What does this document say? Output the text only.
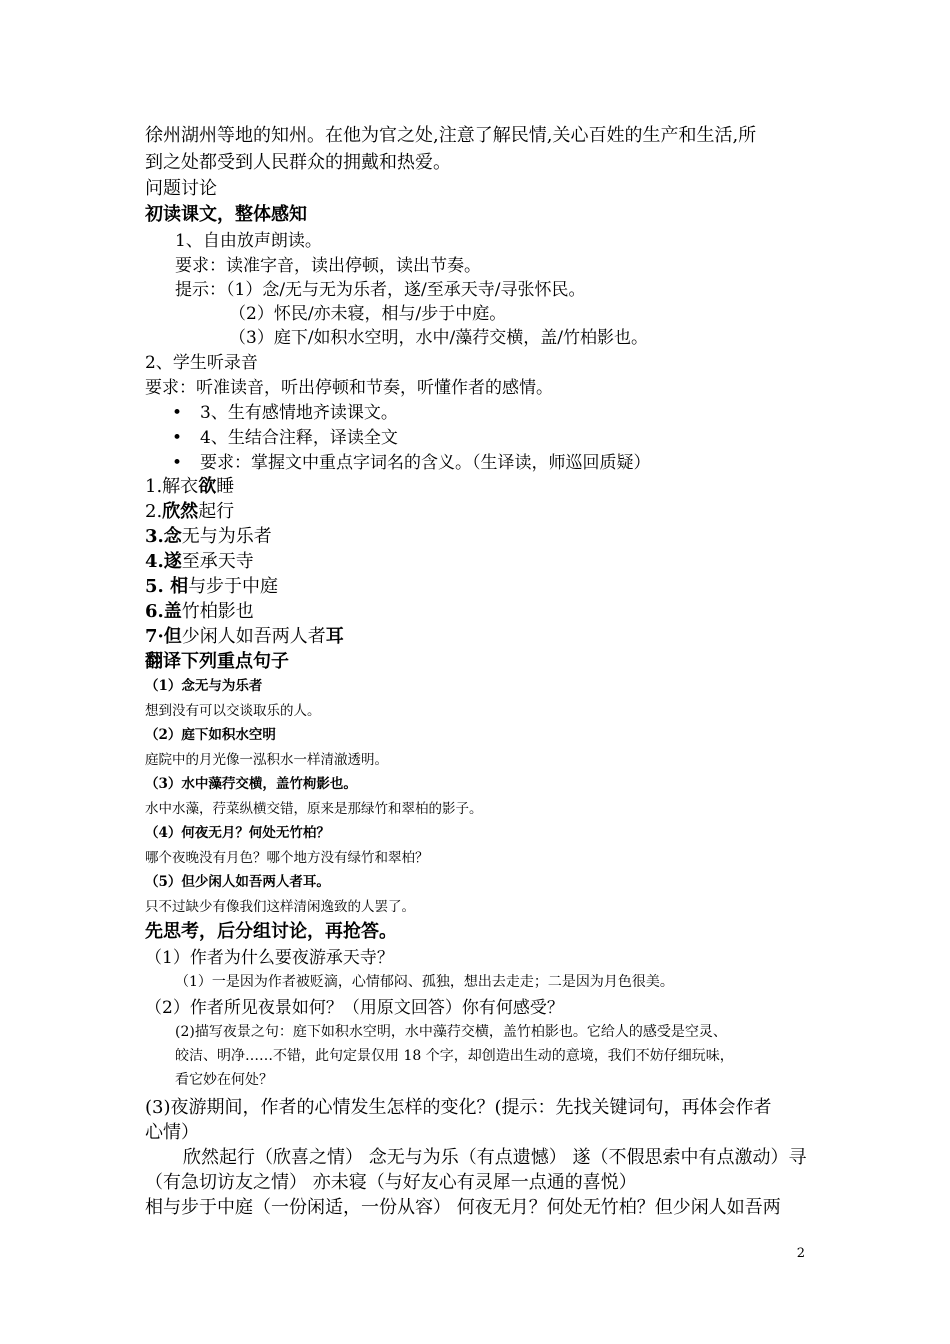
徐州湖州等地的知州。在他为官之处,注意了解民情,关心百姓的生产和生活,所
到之处都受到人民群众的拥戴和热爱。
问题讨论
初读课文，整体感知
1、自由放声朗读。
要求：读准字音，读出停顿，读出节奏。
提示：（1）念/无与无为乐者，遂/至承天寺/寻张怀民。
（2）怀民/亦未寝，相与/步于中庭。
（3）庭下/如积水空明，水中/藻荇交横，盖/竹柏影也。
2、学生听录音
要求：听准读音，听出停顿和节奏，听懂作者的感情。
• 3、生有感情地齐读课文。
• 4、生结合注释，译读全文
• 要求：掌握文中重点字词名的含义。（生译读，师巡回质疑）
1.解衣欲睡
2.欣然起行
3.念无与为乐者
4.遂至承天寺
5. 相与步于中庭
6.盖竹柏影也
7·但少闲人如吾两人者耳
翻译下列重点句子
（1）念无与为乐者
想到没有可以交谈取乐的人。
（2）庭下如积水空明
庭院中的月光像一泓积水一样清澈透明。
（3）水中藻荇交横，盖竹枸影也。
水中水藻，荇菜纵横交错，原来是那绿竹和翠柏的影子。
（4）何夜无月？何处无竹柏？
哪个夜晚没有月色？哪个地方没有绿竹和翠柏？
（5）但少闲人如吾两人者耳。
只不过缺少有像我们这样清闲逸致的人罢了。
先思考，后分组讨论，再抢答。
（1）作者为什么要夜游承天寺？
（1）一是因为作者被贬滴，心情郁闷、孤独，想出去走走；二是因为月色很美。
（2）作者所见夜景如何？（用原文回答）你有何感受？
(2)描写夜景之句：庭下如积水空明，水中藻荇交横，盖竹柏影也。它给人的感受是空灵、
皎洁、明净……不错，此句定景仅用 18 个字，却创造出生动的意境，我们不妨仔细玩味，
看它妙在何处？
(3)夜游期间，作者的心情发生怎样的变化？(提示：先找关键词句，再体会作者
心情）
欣然起行（欣喜之情） 念无与为乐（有点遗憾） 遂（不假思索中有点激动）寻
（有急切访友之情） 亦未寝（与好友心有灵犀一点通的喜悦）
相与步于中庭（一份闲适，一份从容） 何夜无月？何处无竹柏？但少闲人如吾两
2
